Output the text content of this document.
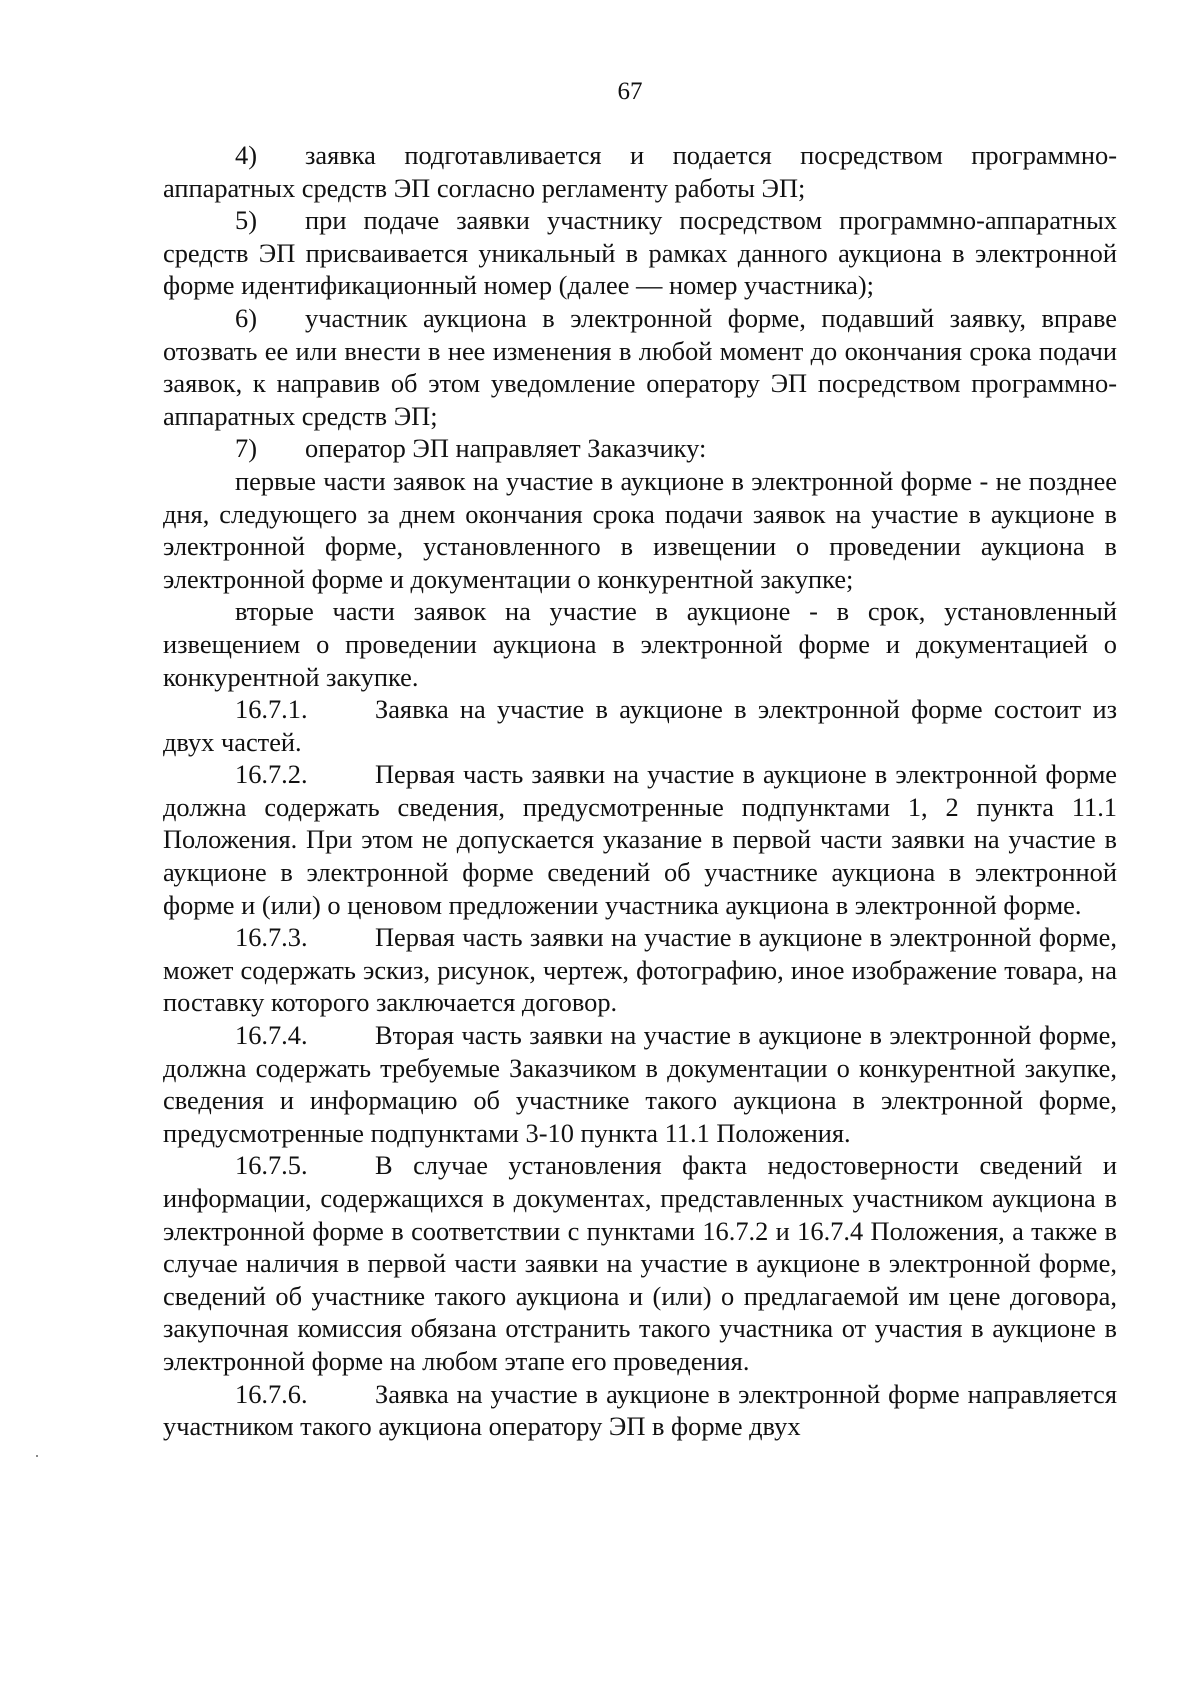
67

4) заявка подготавливается и подается посредством программно-аппаратных средств ЭП согласно регламенту работы ЭП;

5) при подаче заявки участнику посредством программно-аппаратных средств ЭП присваивается уникальный в рамках данного аукциона в электронной форме идентификационный номер (далее — номер участника);

6) участник аукциона в электронной форме, подавший заявку, вправе отозвать ее или внести в нее изменения в любой момент до окончания срока подачи заявок, к направив об этом уведомление оператору ЭП посредством программно-аппаратных средств ЭП;

7) оператор ЭП направляет Заказчику:

первые части заявок на участие в аукционе в электронной форме - не позднее дня, следующего за днем окончания срока подачи заявок на участие в аукционе в электронной форме, установленного в извещении о проведении аукциона в электронной форме и документации о конкурентной закупке;

вторые части заявок на участие в аукционе - в срок, установленный извещением о проведении аукциона в электронной форме и документацией о конкурентной закупке.

16.7.1.	Заявка на участие в аукционе в электронной форме состоит из двух частей.

16.7.2.	Первая часть заявки на участие в аукционе в электронной форме должна содержать сведения, предусмотренные подпунктами 1, 2 пункта 11.1 Положения. При этом не допускается указание в первой части заявки на участие в аукционе в электронной форме сведений об участнике аукциона в электронной форме и (или) о ценовом предложении участника аукциона в электронной форме.

16.7.3.	Первая часть заявки на участие в аукционе в электронной форме, может содержать эскиз, рисунок, чертеж, фотографию, иное изображение товара, на поставку которого заключается договор.

16.7.4.	Вторая часть заявки на участие в аукционе в электронной форме, должна содержать требуемые Заказчиком в документации о конкурентной закупке, сведения и информацию об участнике такого аукциона в электронной форме, предусмотренные подпунктами 3-10 пункта 11.1 Положения.

16.7.5.	В случае установления факта недостоверности сведений и информации, содержащихся в документах, представленных участником аукциона в электронной форме в соответствии с пунктами 16.7.2 и 16.7.4 Положения, а также в случае наличия в первой части заявки на участие в аукционе в электронной форме, сведений об участнике такого аукциона и (или) о предлагаемой им цене договора, закупочная комиссия обязана отстранить такого участника от участия в аукционе в электронной форме на любом этапе его проведения.

16.7.6.	Заявка на участие в аукционе в электронной форме направляется участником такого аукциона оператору ЭП в форме двух
